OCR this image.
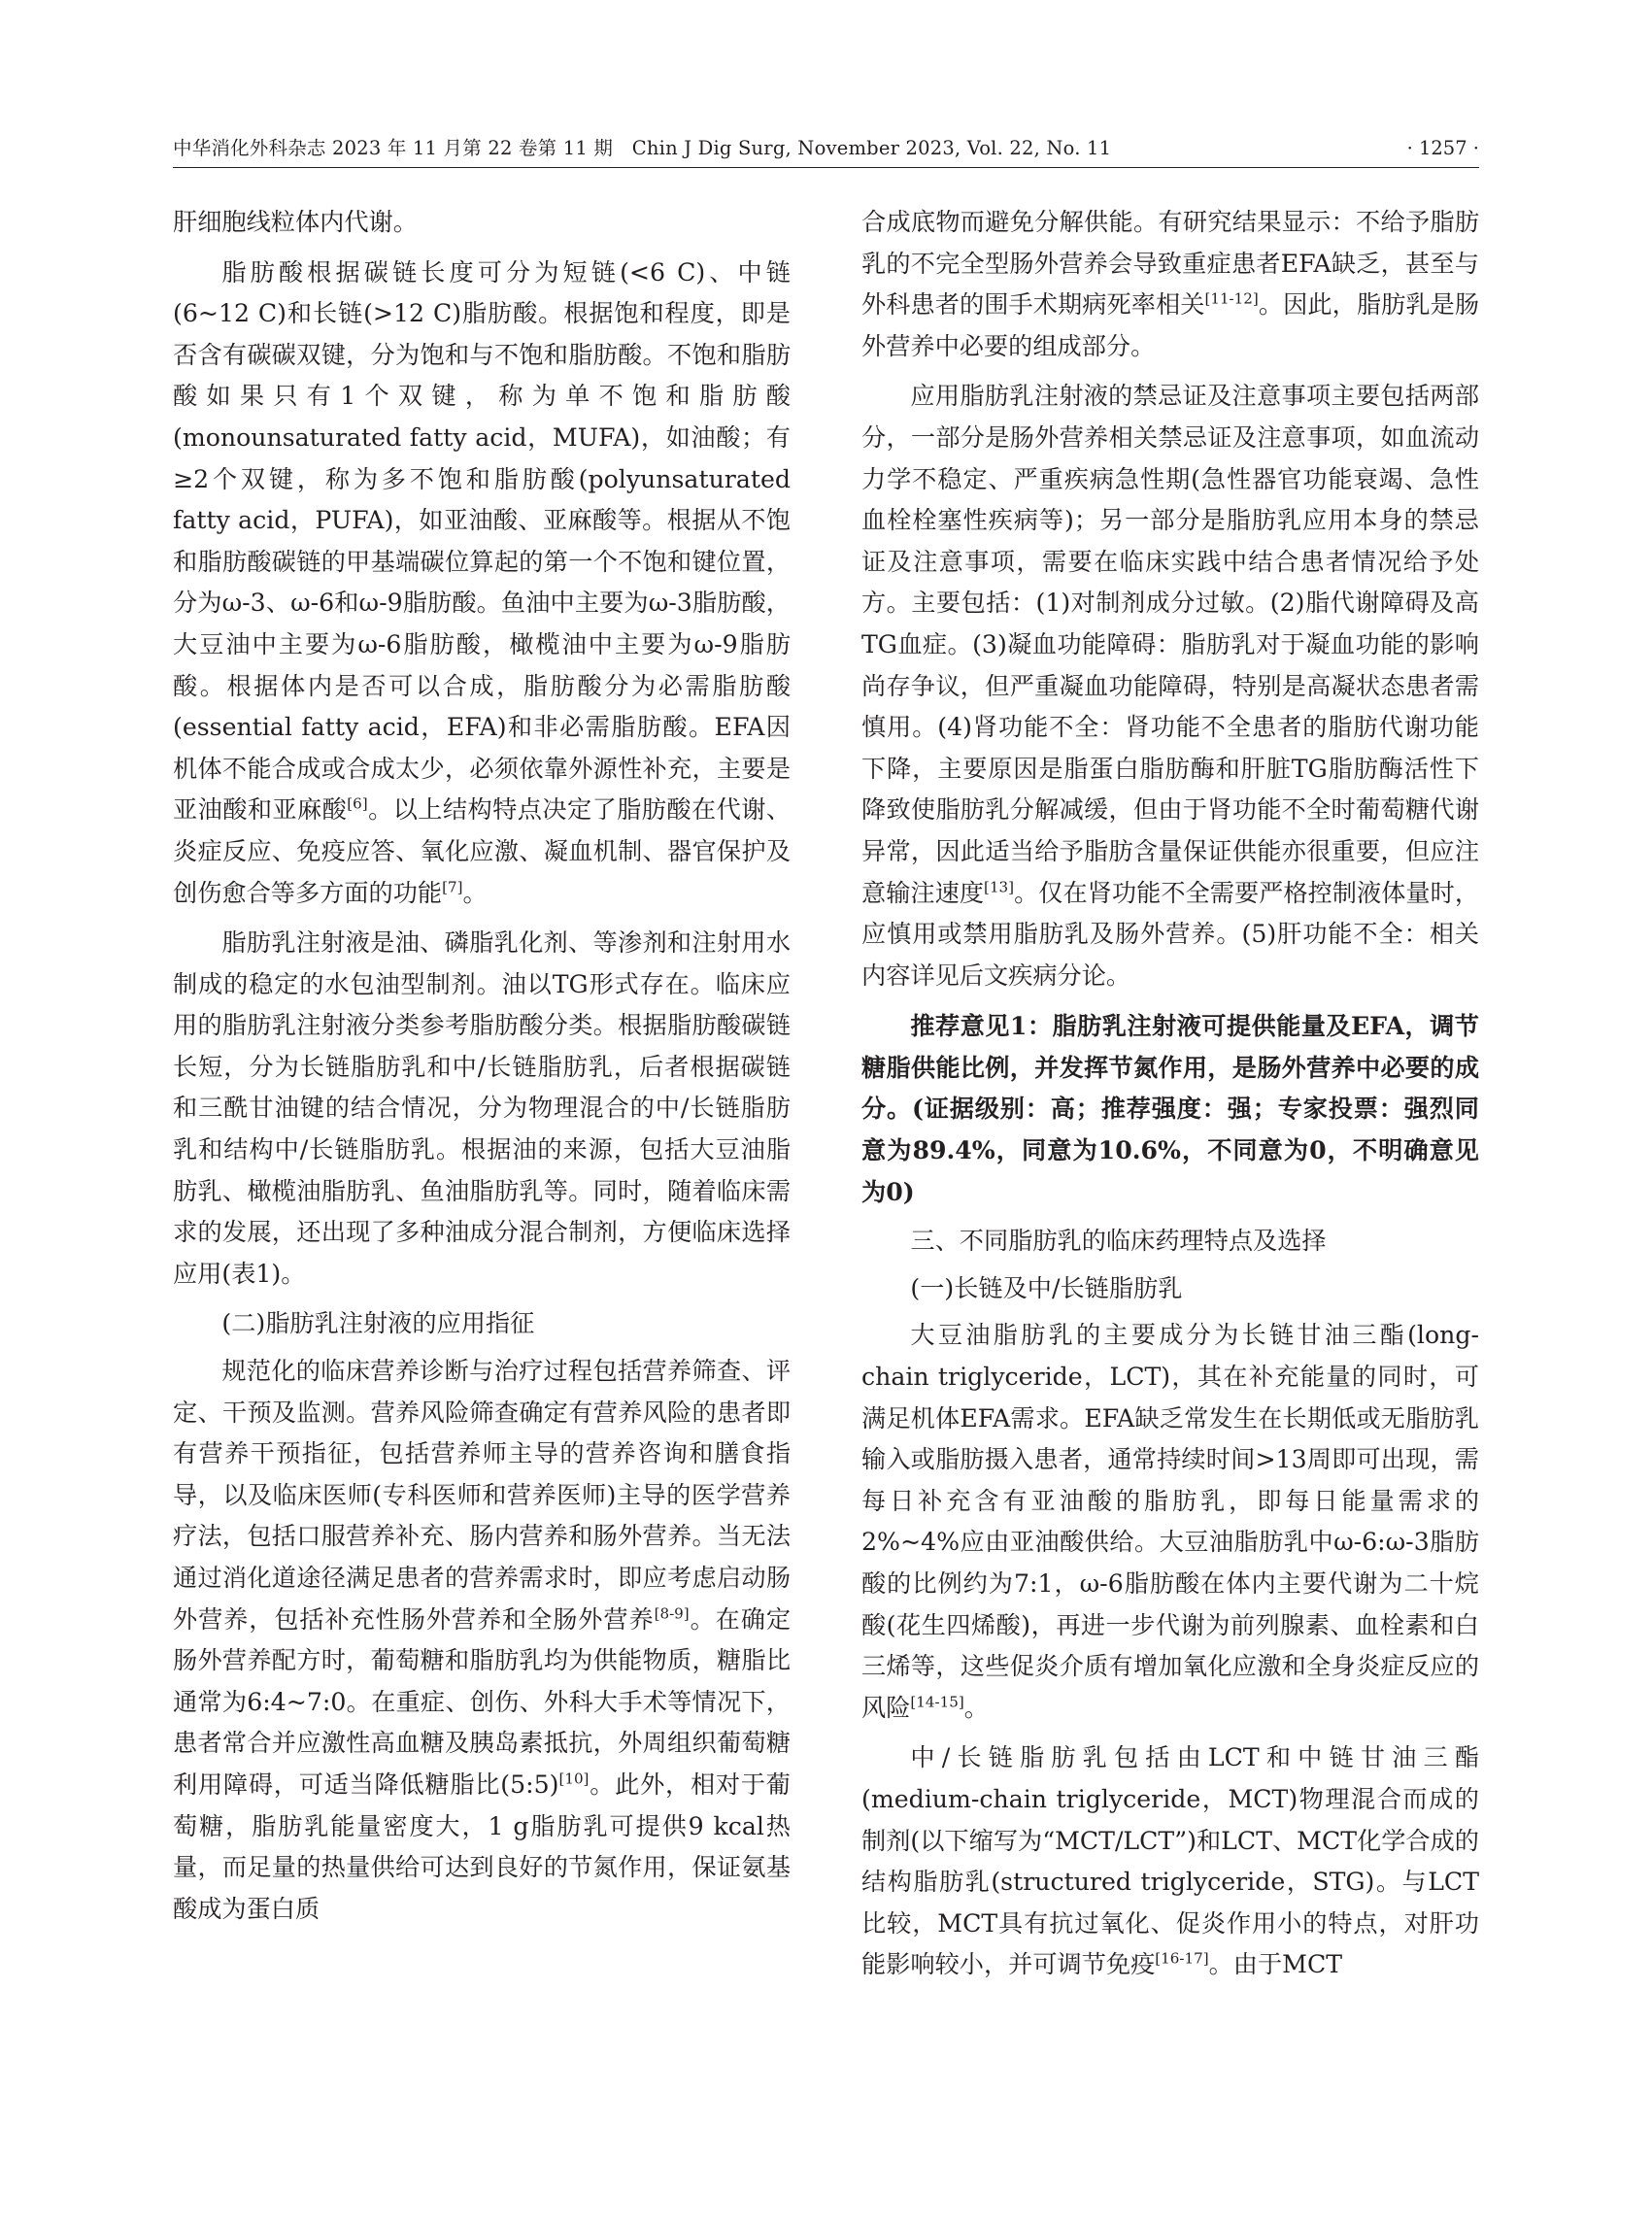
中华消化外科杂志 2023 年 11 月第 22 卷第 11 期　Chin J Dig Surg, November 2023, Vol. 22, No. 11	· 1257 ·

肝细胞线粒体内代谢。

脂肪酸根据碳链长度可分为短链(<6 C)、中链(6~12 C)和长链(>12 C)脂肪酸。根据饱和程度，即是否含有碳碳双键，分为饱和与不饱和脂肪酸。不饱和脂肪酸如果只有1个双键，称为单不饱和脂肪酸(monounsaturated fatty acid，MUFA)，如油酸；有≥2个双键，称为多不饱和脂肪酸(polyunsaturated fatty acid，PUFA)，如亚油酸、亚麻酸等。根据从不饱和脂肪酸碳链的甲基端碳位算起的第一个不饱和键位置，分为ω-3、ω-6和ω-9脂肪酸。鱼油中主要为ω-3脂肪酸，大豆油中主要为ω-6脂肪酸，橄榄油中主要为ω-9脂肪酸。根据体内是否可以合成，脂肪酸分为必需脂肪酸(essential fatty acid，EFA)和非必需脂肪酸。EFA因机体不能合成或合成太少，必须依靠外源性补充，主要是亚油酸和亚麻酸[6]。以上结构特点决定了脂肪酸在代谢、炎症反应、免疫应答、氧化应激、凝血机制、器官保护及创伤愈合等多方面的功能[7]。

脂肪乳注射液是油、磷脂乳化剂、等渗剂和注射用水制成的稳定的水包油型制剂。油以TG形式存在。临床应用的脂肪乳注射液分类参考脂肪酸分类。根据脂肪酸碳链长短，分为长链脂肪乳和中/长链脂肪乳，后者根据碳链和三酰甘油键的结合情况，分为物理混合的中/长链脂肪乳和结构中/长链脂肪乳。根据油的来源，包括大豆油脂肪乳、橄榄油脂肪乳、鱼油脂肪乳等。同时，随着临床需求的发展，还出现了多种油成分混合制剂，方便临床选择应用(表1)。

(二)脂肪乳注射液的应用指征

规范化的临床营养诊断与治疗过程包括营养筛查、评定、干预及监测。营养风险筛查确定有营养风险的患者即有营养干预指征，包括营养师主导的营养咨询和膳食指导，以及临床医师(专科医师和营养医师)主导的医学营养疗法，包括口服营养补充、肠内营养和肠外营养。当无法通过消化道途径满足患者的营养需求时，即应考虑启动肠外营养，包括补充性肠外营养和全肠外营养[8-9]。在确定肠外营养配方时，葡萄糖和脂肪乳均为供能物质，糖脂比通常为6:4~7:0。在重症、创伤、外科大手术等情况下，患者常合并应激性高血糖及胰岛素抵抗，外周组织葡萄糖利用障碍，可适当降低糖脂比(5:5)[10]。此外，相对于葡萄糖，脂肪乳能量密度大，1 g脂肪乳可提供9 kcal热量，而足量的热量供给可达到良好的节氮作用，保证氨基酸成为蛋白质

合成底物而避免分解供能。有研究结果显示：不给予脂肪乳的不完全型肠外营养会导致重症患者EFA缺乏，甚至与外科患者的围手术期病死率相关[11-12]。因此，脂肪乳是肠外营养中必要的组成部分。

应用脂肪乳注射液的禁忌证及注意事项主要包括两部分，一部分是肠外营养相关禁忌证及注意事项，如血流动力学不稳定、严重疾病急性期(急性器官功能衰竭、急性血栓栓塞性疾病等)；另一部分是脂肪乳应用本身的禁忌证及注意事项，需要在临床实践中结合患者情况给予处方。主要包括：(1)对制剂成分过敏。(2)脂代谢障碍及高TG血症。(3)凝血功能障碍：脂肪乳对于凝血功能的影响尚存争议，但严重凝血功能障碍，特别是高凝状态患者需慎用。(4)肾功能不全：肾功能不全患者的脂肪代谢功能下降，主要原因是脂蛋白脂肪酶和肝脏TG脂肪酶活性下降致使脂肪乳分解减缓，但由于肾功能不全时葡萄糖代谢异常，因此适当给予脂肪含量保证供能亦很重要，但应注意输注速度[13]。仅在肾功能不全需要严格控制液体量时，应慎用或禁用脂肪乳及肠外营养。(5)肝功能不全：相关内容详见后文疾病分论。

推荐意见1：脂肪乳注射液可提供能量及EFA，调节糖脂供能比例，并发挥节氮作用，是肠外营养中必要的成分。(证据级别：高；推荐强度：强；专家投票：强烈同意为89.4%，同意为10.6%，不同意为0，不明确意见为0)

三、不同脂肪乳的临床药理特点及选择

(一)长链及中/长链脂肪乳

大豆油脂肪乳的主要成分为长链甘油三酯(long-chain triglyceride，LCT)，其在补充能量的同时，可满足机体EFA需求。EFA缺乏常发生在长期低或无脂肪乳输入或脂肪摄入患者，通常持续时间>13周即可出现，需每日补充含有亚油酸的脂肪乳，即每日能量需求的2%~4%应由亚油酸供给。大豆油脂肪乳中ω-6:ω-3脂肪酸的比例约为7:1，ω-6脂肪酸在体内主要代谢为二十烷酸(花生四烯酸)，再进一步代谢为前列腺素、血栓素和白三烯等，这些促炎介质有增加氧化应激和全身炎症反应的风险[14-15]。

中/长链脂肪乳包括由LCT和中链甘油三酯(medium-chain triglyceride，MCT)物理混合而成的制剂(以下缩写为“MCT/LCT”)和LCT、MCT化学合成的结构脂肪乳(structured triglyceride，STG)。与LCT比较，MCT具有抗过氧化、促炎作用小的特点，对肝功能影响较小，并可调节免疫[16-17]。由于MCT
